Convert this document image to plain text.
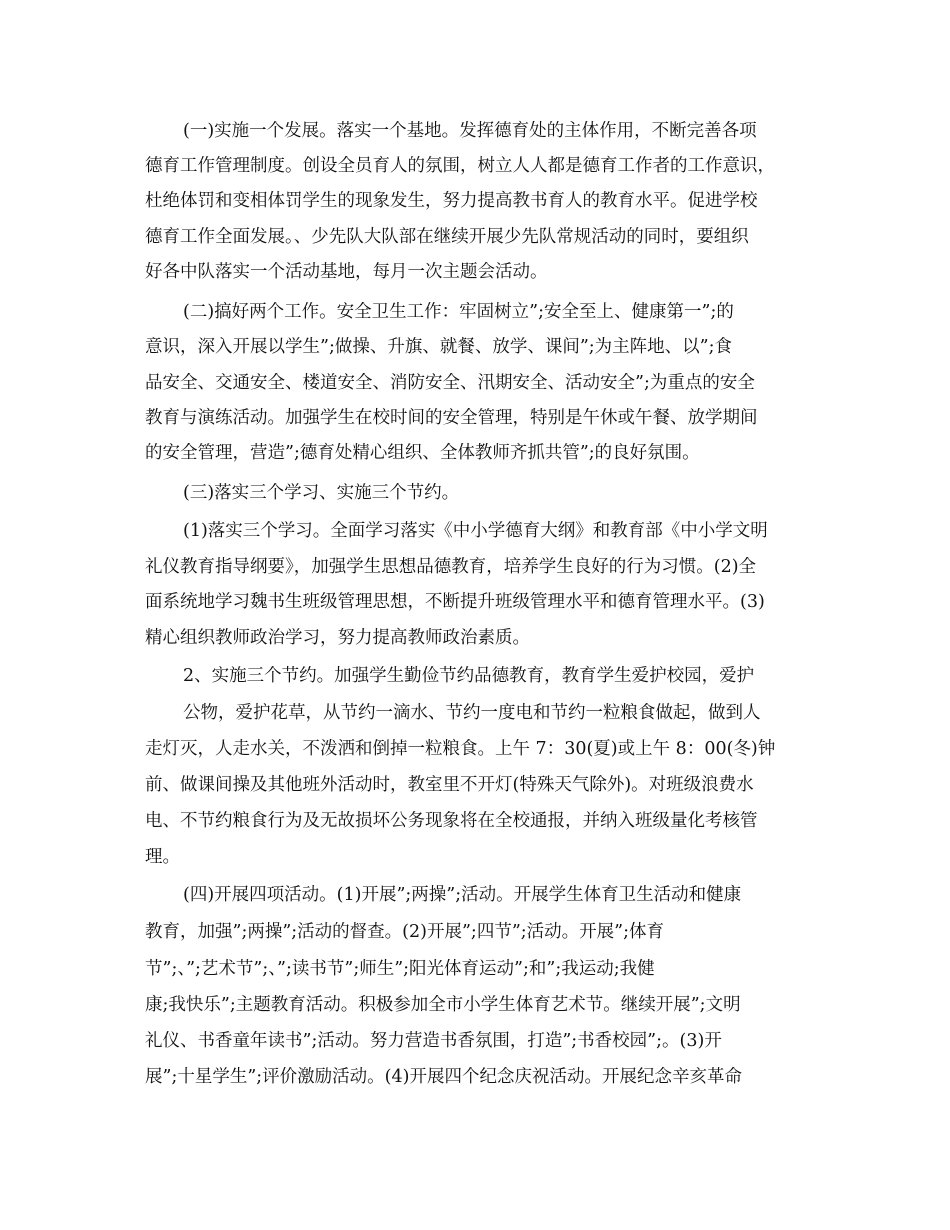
(一)实施一个发展。落实一个基地。发挥德育处的主体作用，不断完善各项
德育工作管理制度。创设全员育人的氛围，树立人人都是德育工作者的工作意识，
杜绝体罚和变相体罚学生的现象发生，努力提高教书育人的教育水平。促进学校
德育工作全面发展。、少先队大队部在继续开展少先队常规活动的同时，要组织
好各中队落实一个活动基地，每月一次主题会活动。
(二)搞好两个工作。安全卫生工作：牢固树立”;安全至上、健康第一”;的
意识，深入开展以学生”;做操、升旗、就餐、放学、课间”;为主阵地、以”;食
品安全、交通安全、楼道安全、消防安全、汛期安全、活动安全”;为重点的安全
教育与演练活动。加强学生在校时间的安全管理，特别是午休或午餐、放学期间
的安全管理，营造”;德育处精心组织、全体教师齐抓共管”;的良好氛围。
(三)落实三个学习、实施三个节约。
(1)落实三个学习。全面学习落实《中小学德育大纲》和教育部《中小学文明
礼仪教育指导纲要》，加强学生思想品德教育，培养学生良好的行为习惯。(2)全
面系统地学习魏书生班级管理思想，不断提升班级管理水平和德育管理水平。(3)
精心组织教师政治学习，努力提高教师政治素质。
2、实施三个节约。加强学生勤俭节约品德教育，教育学生爱护校园，爱护
公物，爱护花草，从节约一滴水、节约一度电和节约一粒粮食做起，做到人
走灯灭，人走水关，不泼洒和倒掉一粒粮食。上午 7：30(夏)或上午 8：00(冬)钟
前、做课间操及其他班外活动时，教室里不开灯(特殊天气除外)。对班级浪费水
电、不节约粮食行为及无故损坏公务现象将在全校通报，并纳入班级量化考核管
理。
(四)开展四项活动。(1)开展”;两操”;活动。开展学生体育卫生活动和健康
教育，加强”;两操”;活动的督查。(2)开展”;四节”;活动。开展”;体育
节”;、”;艺术节”;、”;读书节”;师生”;阳光体育运动”;和”;我运动;我健
康;我快乐”;主题教育活动。积极参加全市小学生体育艺术节。继续开展”;文明
礼仪、书香童年读书”;活动。努力营造书香氛围，打造”;书香校园”;。(3)开
展”;十星学生”;评价激励活动。(4)开展四个纪念庆祝活动。开展纪念辛亥革命
